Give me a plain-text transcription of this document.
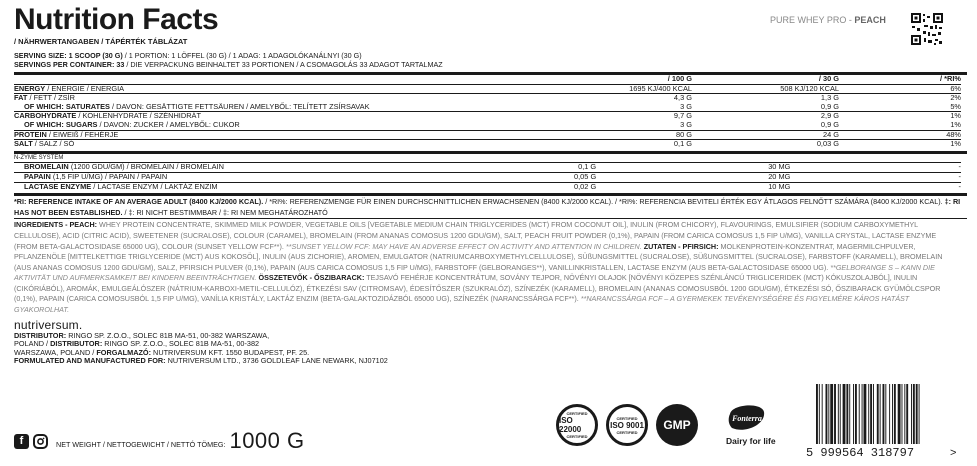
Nutrition Facts	PURE WHEY PRO - PEACH
/ NÄHRWERTANGABEN / TÁPÉRTÉK TÁBLÁZAT
SERVING SIZE: 1 SCOOP (30 G) / 1 PORTION: 1 LÖFFEL (30 G) / 1 ADAG: 1 ADAGOLÓKANÁLNYI (30 G)
SERVINGS PER CONTAINER: 33 / DIE VERPACKUNG BEINHALTET 33 PORTIONEN / A CSOMAGOLÁS 33 ADAGOT TARTALMAZ
	/ 100 G	/ 30 G	/ *RI%
ENERGY / ENERGIE / ENERGIA	1695 KJ/400 KCAL	508 KJ/120 KCAL	6%
FAT / FETT / ZSÍR	4,3 G	1,3 G	2%
OF WHICH: SATURATES / DAVON: GESÄTTIGTE FETTSÄUREN / AMELYBŐL: TELÍTETT ZSÍRSAVAK	3 G	0,9 G	5%
CARBOHYDRATE / KOHLENHYDRATE / SZÉNHIDRÁT	9,7 G	2,9 G	1%
OF WHICH: SUGARS / DAVON: ZUCKER / AMELYBŐL: CUKOR	3 G	0,9 G	1%
PROTEIN / EIWEIß / FEHÉRJE	80 G	24 G	48%
SALT / SALZ / SÓ	0,1 G	0,03 G	1%
N-ZYME SYSTEM			
BROMELAIN (1200 GDU/GM) / BROMELAIN / BROMELAIN	0,1 G	30 MG	-
PAPAIN (1,5 FIP U/MG) / PAPAIN / PAPAIN	0,05 G	20 MG	-
LACTASE ENZYME / LACTASE ENZYM / LAKTÁZ ENZIM	0,02 G	10 MG	-
*RI: REFERENCE INTAKE OF AN AVERAGE ADULT (8400 KJ/2000 KCAL). / *RI%: REFERENZMENGE FÜR EINEN DURCHSCHNITTLICHEN ERWACHSENEN (8400 KJ/2000 KCAL). / *RI%: REFERENCIA BEVITELI ÉRTÉK EGY ÁTLAGOS FELNŐTT SZÁMÁRA (8400 KJ/2000 KCAL). ‡: RI HAS NOT BEEN ESTABLISHED. / ‡: RI NICHT BESTIMMBAR / ‡: RI NEM MEGHATÁROZHATÓ
INGREDIENTS - PEACH: WHEY PROTEIN CONCENTRATE, SKIMMED MILK POWDER, VEGETABLE OILS [VEGETABLE MEDIUM CHAIN TRIGLYCERIDES (MCT) FROM COCONUT OIL], INULIN (FROM CHICORY), FLAVOURINGS, EMULSIFIER (SODIUM CARBOXYMETHYL CELLULOSE), ACID (CITRIC ACID), SWEETENER (SUCRALOSE), COLOUR (CARAMEL), BROMELAIN (FROM ANANAS COMOSUS 1200 GDU/GM), SALT, PEACH FRUIT POWDER (0,1%), PAPAIN (FROM CARICA COMOSUS 1,5 FIP U/MG), VANILLA CRYSTAL, LACTASE ENZYME (FROM BETA-GALACTOSIDASE 65000 UG), COLOUR (SUNSET YELLOW FCF**). **SUNSET YELLOW FCF: MAY HAVE AN ADVERSE EFFECT ON ACTIVITY AND ATTENTION IN CHILDREN. ZUTATEN - PFIRSICH: MOLKENPROTEIN-KONZENTRAT, MAGERMILCHPULVER, PFLANZENÖLE [MITTELKETTIGE TRIGLYCERIDE (MCT) AUS KOKOSÖL], INULIN (AUS ZICHORIE), AROMEN, EMULGATOR (NATRIUMCARBOXYMETHYLCELLULOSE), SÜßUNGSMITTEL (SUCRALOSE), SÜßUNGSMITTEL (SUCRALOSE), FARBSTOFF (KARAMELL), BROMELAIN (AUS ANANAS COMOSUS 1200 GDU/GM), SALZ, PFIRSICH PULVER (0,1%), PAPAIN (AUS CARICA COMOSUS 1,5 FIP U/MG), FARBSTOFF (GELBORANGES**), VANILLINKRISTALLEN, LACTASE ENZYM (AUS BETA-GALACTOSIDASE 65000 UG). **GELBORANGE S – KANN DIE AKTIVITÄT UND AUFMERKSAMKEIT BEI KINDERN BEEINTRÄCHTIGEN. ÖSSZETEVŐK - ŐSZIBARACK: TEJSAVÓ FEHÉRJE KONCENTRÁTUM, SOVÁNY TEJPOR, NÖVÉNYI OLAJOK [NÖVÉNYI KÖZEPES SZÉNLÁNCÚ TRIGLICERIDEK (MCT) KÓKUSZOLAJBÓL], INULIN (CIKÓRIÁBÓL), AROMÁK, EMULGEÁLÓSZER (NÁTRIUM-KARBOXI-METIL-CELLULÓZ), ÉTKEZÉSI SAV (CITROMSAV), ÉDESÍTŐSZER (SZUKRALÓZ), SZÍNEZÉK (KARAMELL), BROMELAIN (ANANAS COMOSUSBÓL 1200 GDU/GM), ÉTKEZÉSI SÓ, ŐSZIBARACK GYÜMÖLCSPOR (0,1%), PAPAIN (CARICA COMOSUSBÓL 1,5 FIP U/MG), VANÍLIA KRISTÁLY, LAKTÁZ ENZIM (BETA-GALAKTOZIDÁZBÓL 65000 UG), SZÍNEZÉK (NARANCSSÁRGA FCF**). **NARANCSSÁRGA FCF – A GYERMEKEK TEVÉKENYSÉGÉRE ÉS FIGYELMÉRE KÁROS HATÁST GYAKOROLHAT.
nutriversum.
DISTRIBUTOR: RINGO SP. Z.O.O., SOLEC 81B MA-51, 00-382 WARSZAWA,
POLAND / DISTRIBUTOR: RINGO SP. Z.O.O., SOLEC 81B MA-51, 00-382
WARSZAWA, POLAND / FORGALMAZÓ: NUTRIVERSUM KFT. 1550 BUDAPEST, PF. 25.
FORMULATED AND MANUFACTURED FOR: NUTRIVERSUM LTD., 3736 GOLDLEAF LANE NEWARK, NJ07102
f	NET WEIGHT / NETTOGEWICHT / NETTÓ TÖMEG: 1000 G
CERTIFIED
ISO 22000
CERTIFIED
CERTIFIED
ISO 9001
CERTIFIED	GMP	Fonterra
Dairy for life
5 999564 318797	>
